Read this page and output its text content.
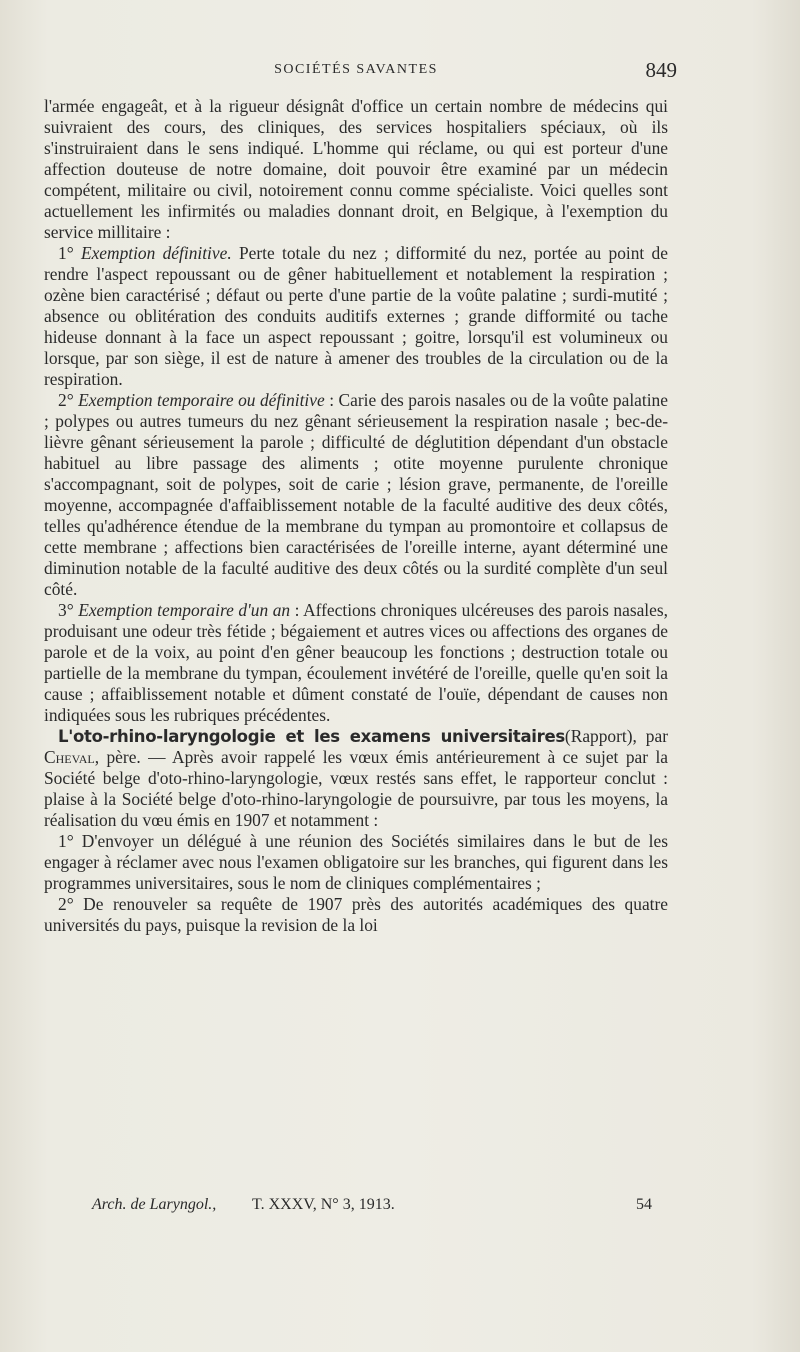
SOCIÉTÉS SAVANTES	849

l'armée engageât, et à la rigueur désignât d'office un certain nombre de médecins qui suivraient des cours, des cliniques, des services hospitaliers spéciaux, où ils s'instruiraient dans le sens indiqué. L'homme qui réclame, ou qui est porteur d'une affection douteuse de notre domaine, doit pouvoir être examiné par un médecin compétent, militaire ou civil, notoirement connu comme spécialiste. Voici quelles sont actuellement les infirmités ou maladies donnant droit, en Belgique, à l'exemption du service millitaire :

1° Exemption définitive. Perte totale du nez ; difformité du nez, portée au point de rendre l'aspect repoussant ou de gêner habituellement et notablement la respiration ; ozène bien caractérisé ; défaut ou perte d'une partie de la voûte palatine ; surdi-mutité ; absence ou oblitération des conduits auditifs externes ; grande difformité ou tache hideuse donnant à la face un aspect repoussant ; goitre, lorsqu'il est volumineux ou lorsque, par son siège, il est de nature à amener des troubles de la circulation ou de la respiration.

2° Exemption temporaire ou définitive : Carie des parois nasales ou de la voûte palatine ; polypes ou autres tumeurs du nez gênant sérieusement la respiration nasale ; bec-de-lièvre gênant sérieusement la parole ; difficulté de déglutition dépendant d'un obstacle habituel au libre passage des aliments ; otite moyenne purulente chronique s'accompagnant, soit de polypes, soit de carie ; lésion grave, permanente, de l'oreille moyenne, accompagnée d'affaiblissement notable de la faculté auditive des deux côtés, telles qu'adhérence étendue de la membrane du tympan au promontoire et collapsus de cette membrane ; affections bien caractérisées de l'oreille interne, ayant déterminé une diminution notable de la faculté auditive des deux côtés ou la surdité complète d'un seul côté.

3° Exemption temporaire d'un an : Affections chroniques ulcéreuses des parois nasales, produisant une odeur très fétide ; bégaiement et autres vices ou affections des organes de parole et de la voix, au point d'en gêner beaucoup les fonctions ; destruction totale ou partielle de la membrane du tympan, écoulement invétéré de l'oreille, quelle qu'en soit la cause ; affaiblissement notable et dûment constaté de l'ouïe, dépendant de causes non indiquées sous les rubriques précédentes.

L'oto-rhino-laryngologie et les examens universitaires(Rapport), par Cheval, père. — Après avoir rappelé les vœux émis antérieurement à ce sujet par la Société belge d'oto-rhino-laryngologie, vœux restés sans effet, le rapporteur conclut : plaise à la Société belge d'oto-rhino-laryngologie de poursuivre, par tous les moyens, la réalisation du vœu émis en 1907 et notamment :

1° D'envoyer un délégué à une réunion des Sociétés similaires dans le but de les engager à réclamer avec nous l'examen obligatoire sur les branches, qui figurent dans les programmes universitaires, sous le nom de cliniques complémentaires ;

2° De renouveler sa requête de 1907 près des autorités académiques des quatre universités du pays, puisque la revision de la loi

Arch. de Laryngol., T. XXXV, N° 3, 1913.	54
